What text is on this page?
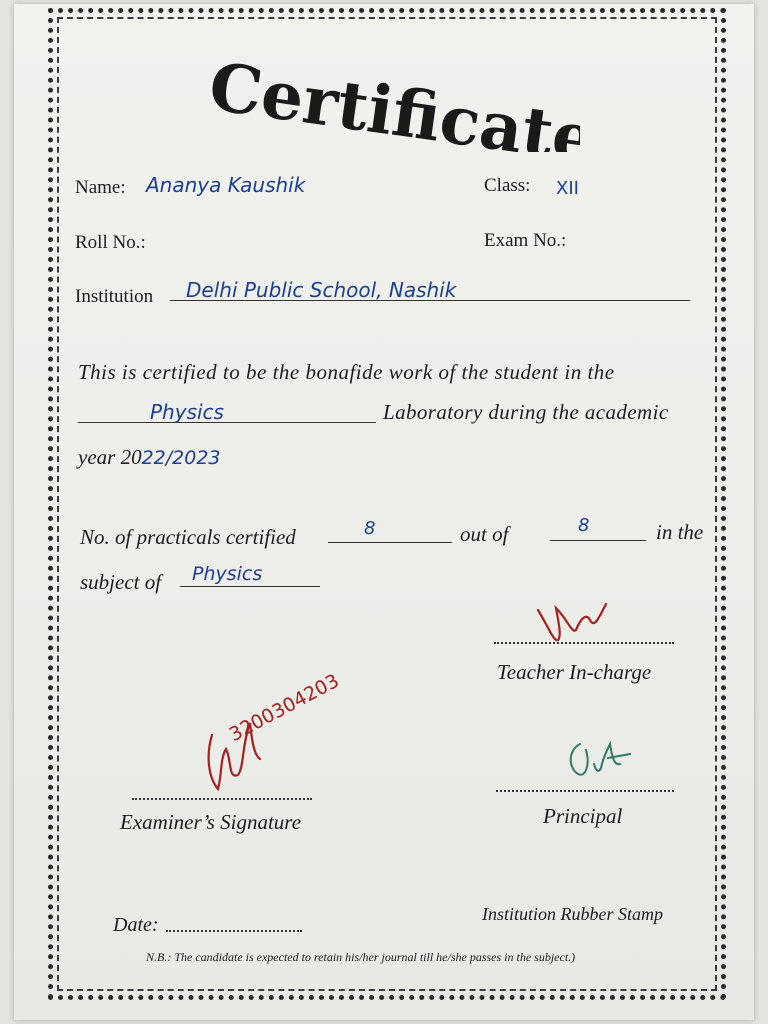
Certificate
Name: Ananya Kaushik	Class: XII
Roll No.:	Exam No.:
Institution Delhi Public School, Nashik
This is certified to be the bonafide work of the student in the
Physics	Laboratory during the academic
year 2022/2023
No. of practicals certified	8	out of	8	in the
subject of Physics
Teacher In-charge
3200304203
Examiner’s Signature	Principal
Date:	Institution Rubber Stamp
N.B.: The candidate is expected to retain his/her journal till he/she passes in the subject.)
